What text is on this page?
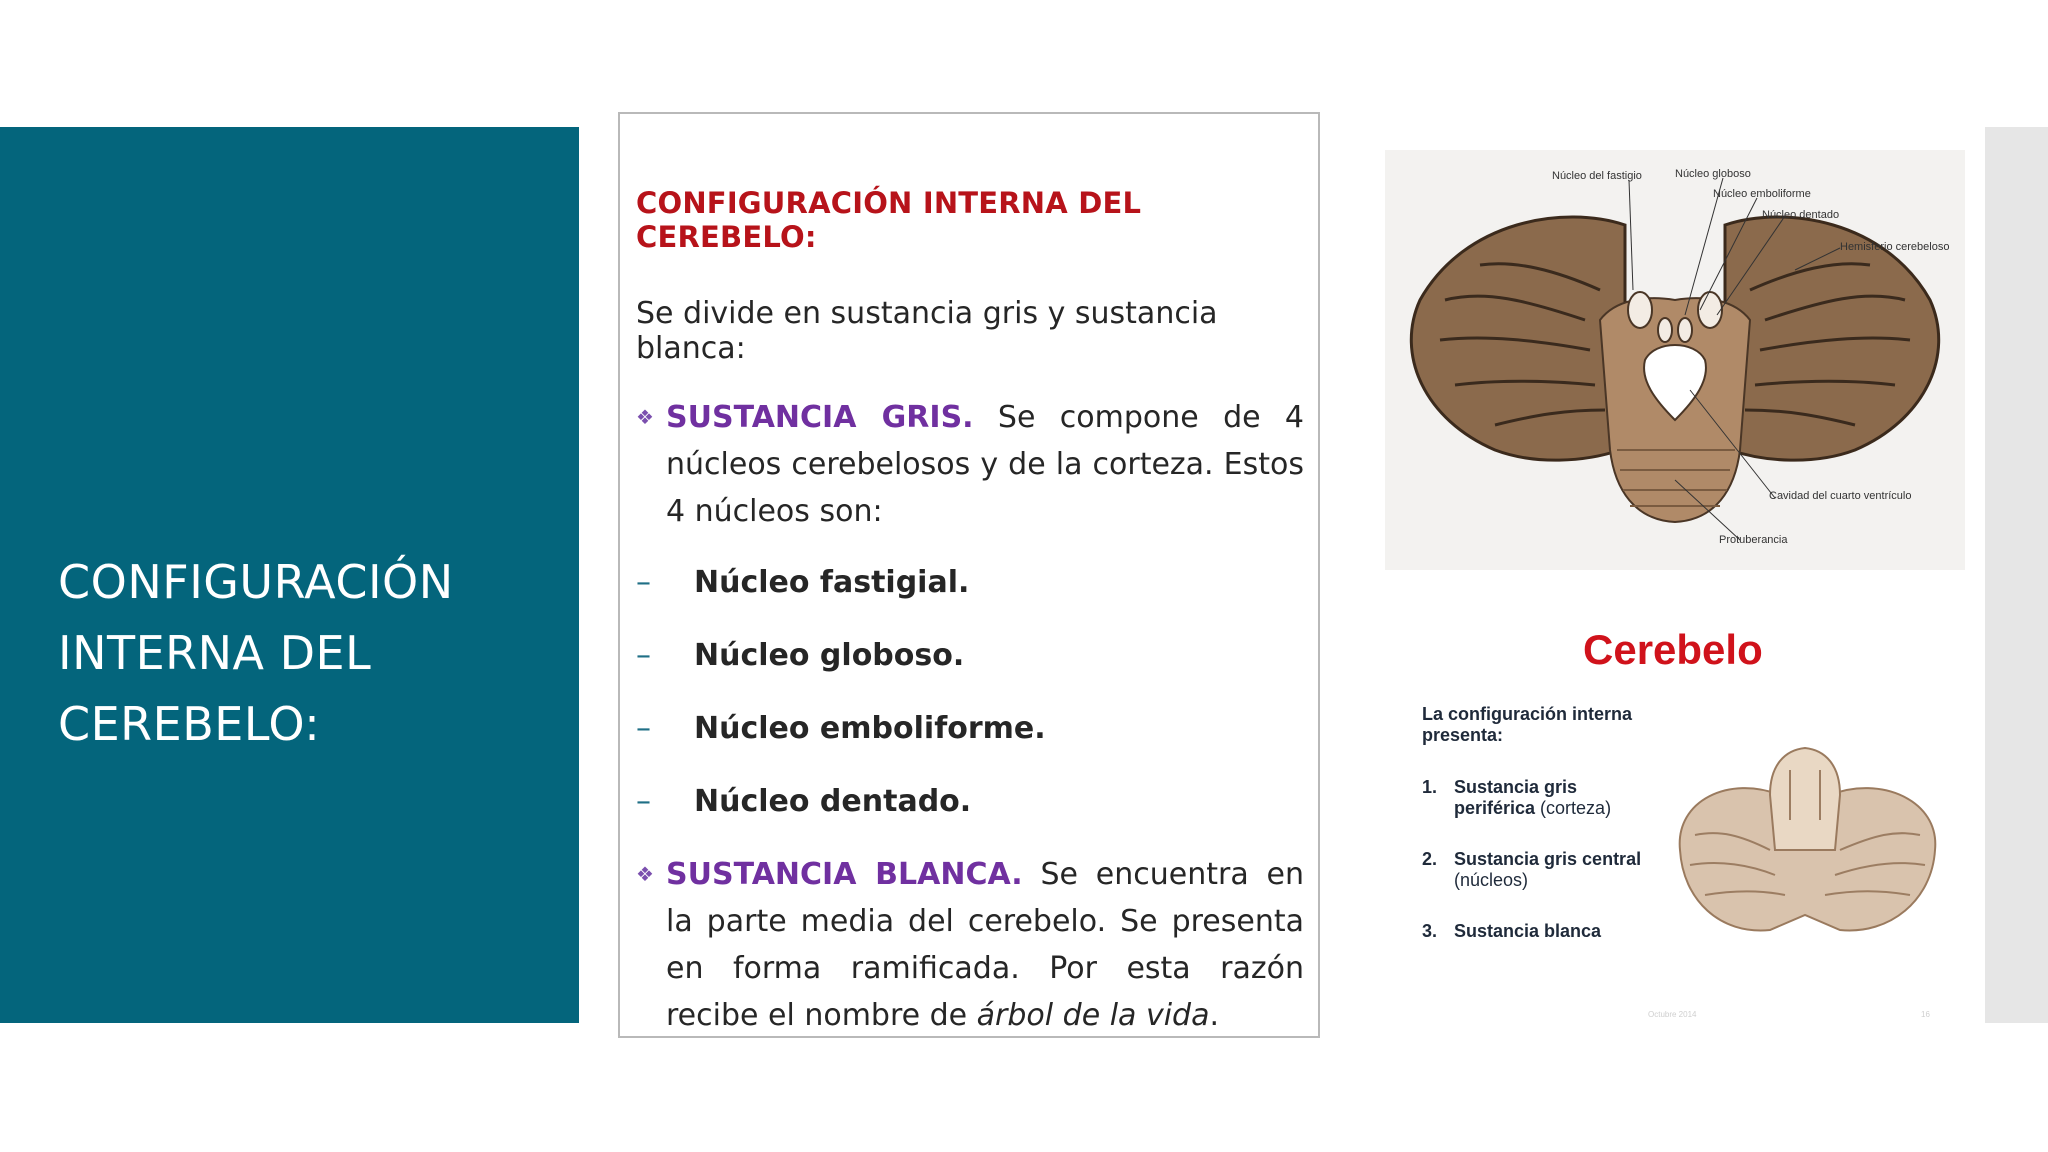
CONFIGURACIÓN
INTERNA DEL
CEREBELO:
CONFIGURACIÓN INTERNA DEL CEREBELO:
Se divide en sustancia gris y sustancia blanca:
❖ SUSTANCIA GRIS. Se compone de 4 núcleos cerebelosos y de la corteza. Estos 4 núcleos son:
– Núcleo fastigial.
– Núcleo globoso.
– Núcleo emboliforme.
– Núcleo dentado.
❖ SUSTANCIA BLANCA. Se encuentra en la parte media del cerebelo. Se presenta en forma ramificada. Por esta razón recibe el nombre de árbol de la vida.
Núcleo del fastigio	Núcleo globoso
Núcleo emboliforme
Núcleo dentado
Hemisferio cerebeloso
Cavidad del cuarto ventrículo
Protuberancia
Cerebelo
La configuración interna presenta:
1. Sustancia gris
periférica (corteza)
2. Sustancia gris central
(núcleos)
3. Sustancia blanca
Octubre 2014	16
